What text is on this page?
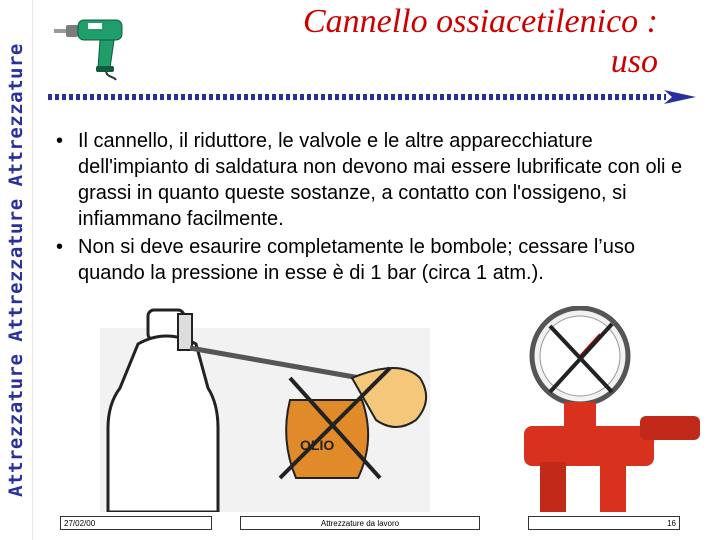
Attrezzature Attrezzature Attrezzature
Cannello ossiacetilenico :
uso
• Il cannello, il riduttore, le valvole e le altre apparecchiature dell'impianto di saldatura non devono mai essere lubrificate con oli e grassi in quanto queste sostanze, a contatto con l'ossigeno, si infiammano facilmente.
• Non si deve esaurire completamente le bombole; cessare l’uso quando la pressione in esse è di 1 bar (circa 1 atm.).
OLIO
27/02/00	Attrezzature da lavoro	16
